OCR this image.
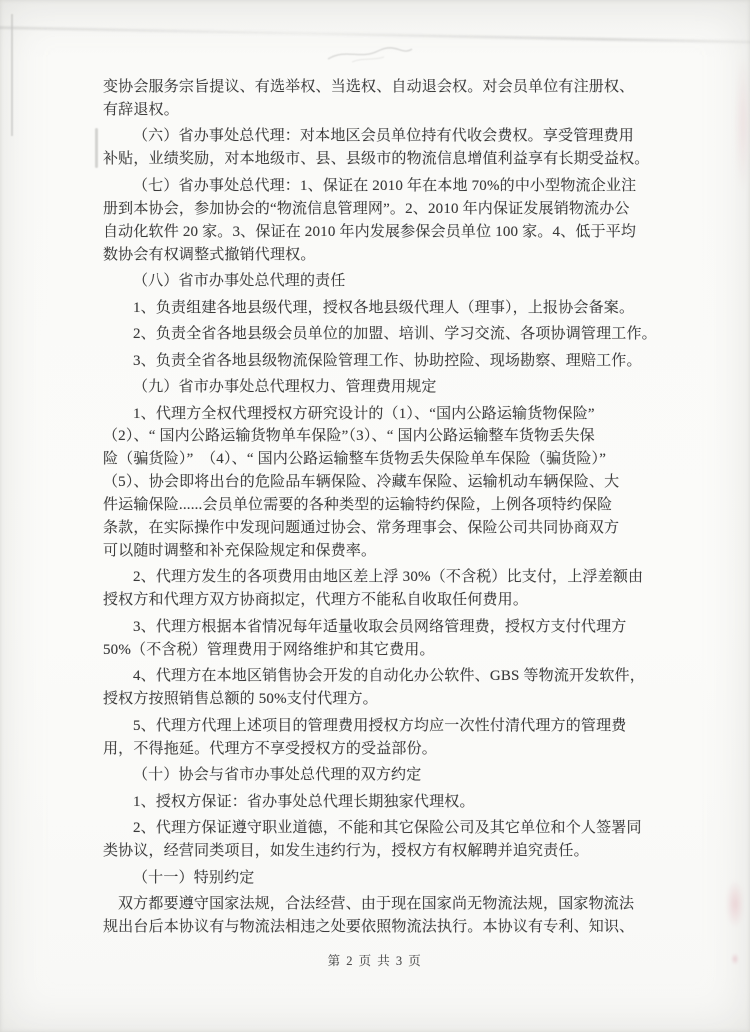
变协会服务宗旨提议、有选举权、当选权、自动退会权。对会员单位有注册权、
有辞退权。
（六）省办事处总代理：对本地区会员单位持有代收会费权。享受管理费用
补贴，业绩奖励，对本地级市、县、县级市的物流信息增值利益享有长期受益权。
（七）省办事处总代理：1、保证在 2010 年在本地 70%的中小型物流企业注
册到本协会，参加协会的“物流信息管理网”。2、2010 年内保证发展销物流办公
自动化软件 20 家。3、保证在 2010 年内发展参保会员单位 100 家。4、低于平均
数协会有权调整式撤销代理权。
（八）省市办事处总代理的责任
1、负责组建各地县级代理，授权各地县级代理人（理事），上报协会备案。
2、负责全省各地县级会员单位的加盟、培训、学习交流、各项协调管理工作。
3、负责全省各地县级物流保险管理工作、协助控险、现场勘察、理赔工作。
（九）省市办事处总代理权力、管理费用规定
1、代理方全权代理授权方研究设计的（1）、“国内公路运输货物保险”
（2）、“ 国内公路运输货物单车保险”（3）、“ 国内公路运输整车货物丢失保
险（骗货险）”　（4）、“ 国内公路运输整车货物丢失保险单车保险（骗货险）”
（5）、协会即将出台的危险品车辆保险、冷藏车保险、运输机动车辆保险、大
件运输保险......会员单位需要的各种类型的运输特约保险，上例各项特约保险
条款，在实际操作中发现问题通过协会、常务理事会、保险公司共同协商双方
可以随时调整和补充保险规定和保费率。
2、代理方发生的各项费用由地区差上浮 30%（不含税）比支付，上浮差额由
授权方和代理方双方协商拟定，代理方不能私自收取任何费用。
3、代理方根据本省情况每年适量收取会员网络管理费，授权方支付代理方
50%（不含税）管理费用于网络维护和其它费用。
4、代理方在本地区销售协会开发的自动化办公软件、GBS 等物流开发软件，
授权方按照销售总额的 50%支付代理方。
5、代理方代理上述项目的管理费用授权方均应一次性付清代理方的管理费
用，不得拖延。代理方不享受授权方的受益部份。
（十）协会与省市办事处总代理的双方约定
1、授权方保证：省办事处总代理长期独家代理权。
2、代理方保证遵守职业道德，不能和其它保险公司及其它单位和个人签署同
类协议，经营同类项目，如发生违约行为，授权方有权解聘并追究责任。
（十一）特别约定
双方都要遵守国家法规，合法经营、由于现在国家尚无物流法规，国家物流法
规出台后本协议有与物流法相违之处要依照物流法执行。本协议有专利、知识、
第 2 页 共 3 页
